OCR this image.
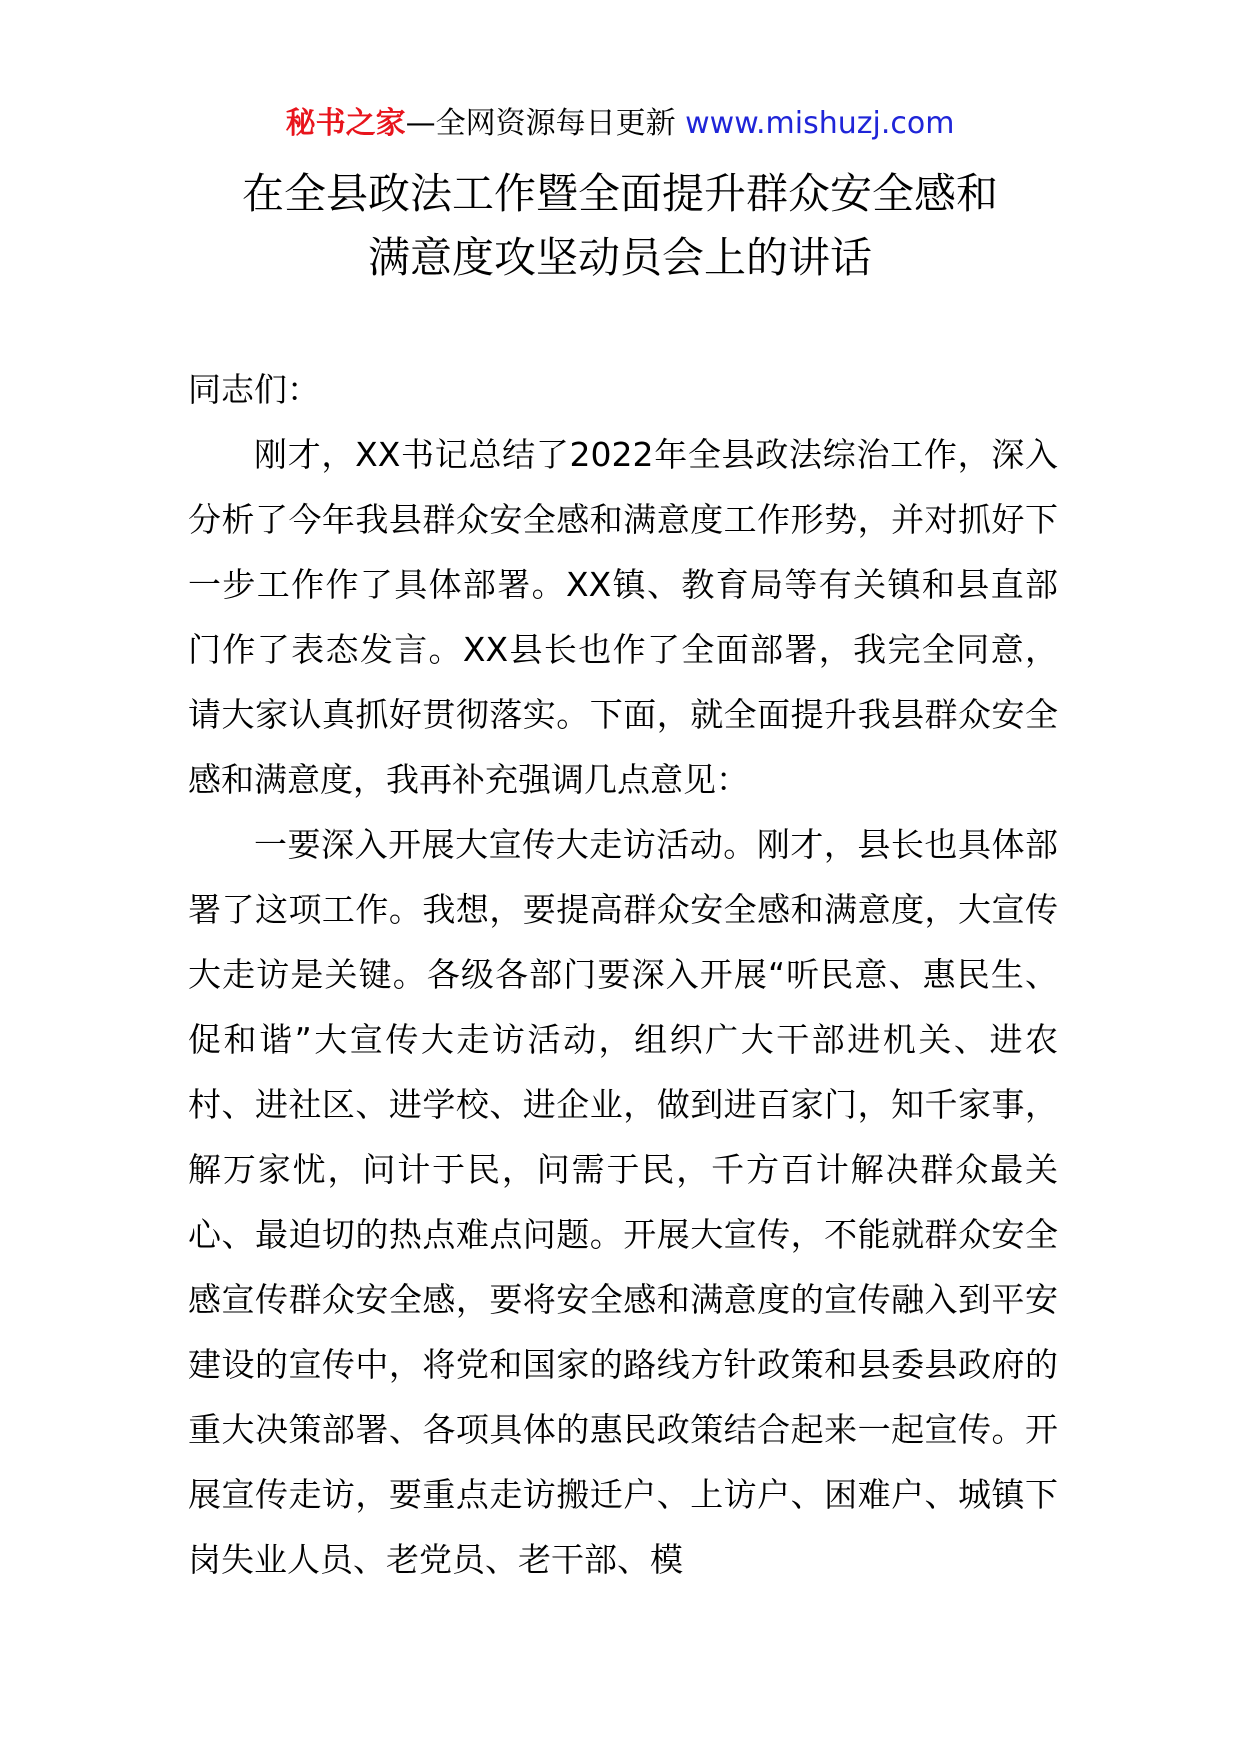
秘书之家—全网资源每日更新 www.mishuzj.com
在全县政法工作暨全面提升群众安全感和
满意度攻坚动员会上的讲话

同志们：

刚才，XX书记总结了2022年全县政法综治工作，深入分析了今年我县群众安全感和满意度工作形势，并对抓好下一步工作作了具体部署。XX镇、教育局等有关镇和县直部门作了表态发言。XX县长也作了全面部署，我完全同意，请大家认真抓好贯彻落实。下面，就全面提升我县群众安全感和满意度，我再补充强调几点意见：

一要深入开展大宣传大走访活动。刚才，县长也具体部署了这项工作。我想，要提高群众安全感和满意度，大宣传大走访是关键。各级各部门要深入开展“听民意、惠民生、促和谐”大宣传大走访活动，组织广大干部进机关、进农村、进社区、进学校、进企业，做到进百家门，知千家事，解万家忧，问计于民，问需于民，千方百计解决群众最关心、最迫切的热点难点问题。开展大宣传，不能就群众安全感宣传群众安全感，要将安全感和满意度的宣传融入到平安建设的宣传中，将党和国家的路线方针政策和县委县政府的重大决策部署、各项具体的惠民政策结合起来一起宣传。开展宣传走访，要重点走访搬迁户、上访户、困难户、城镇下岗失业人员、老党员、老干部、模
